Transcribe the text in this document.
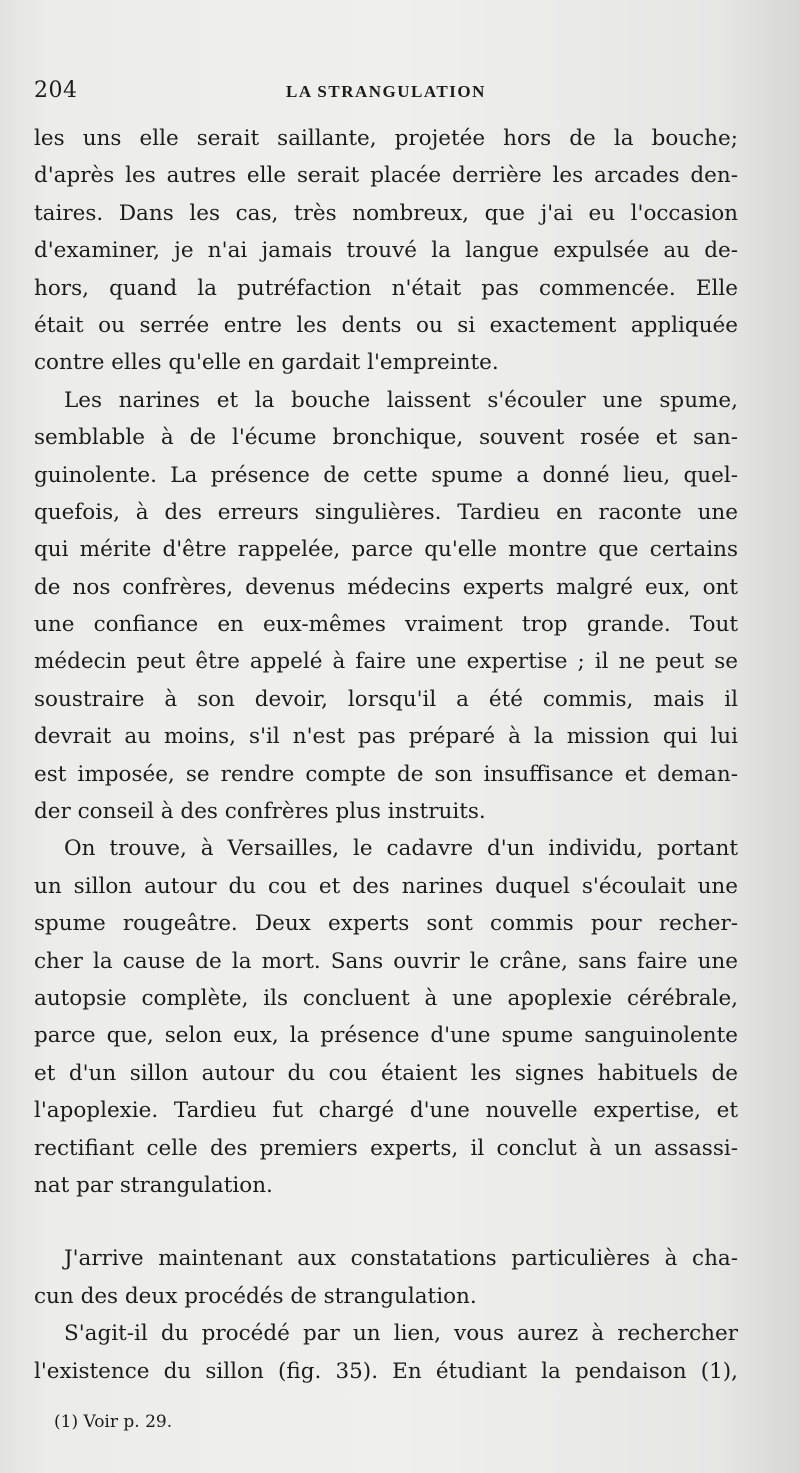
204	LA STRANGULATION
les uns elle serait saillante, projetée hors de la bouche;
d'après les autres elle serait placée derrière les arcades den-
taires. Dans les cas, très nombreux, que j'ai eu l'occasion
d'examiner, je n'ai jamais trouvé la langue expulsée au de-
hors, quand la putréfaction n'était pas commencée. Elle
était ou serrée entre les dents ou si exactement appliquée
contre elles qu'elle en gardait l'empreinte.
Les narines et la bouche laissent s'écouler une spume,
semblable à de l'écume bronchique, souvent rosée et san-
guinolente. La présence de cette spume a donné lieu, quel-
quefois, à des erreurs singulières. Tardieu en raconte une
qui mérite d'être rappelée, parce qu'elle montre que certains
de nos confrères, devenus médecins experts malgré eux, ont
une confiance en eux-mêmes vraiment trop grande. Tout
médecin peut être appelé à faire une expertise ; il ne peut se
soustraire à son devoir, lorsqu'il a été commis, mais il
devrait au moins, s'il n'est pas préparé à la mission qui lui
est imposée, se rendre compte de son insuffisance et deman-
der conseil à des confrères plus instruits.
On trouve, à Versailles, le cadavre d'un individu, portant
un sillon autour du cou et des narines duquel s'écoulait une
spume rougeâtre. Deux experts sont commis pour recher-
cher la cause de la mort. Sans ouvrir le crâne, sans faire une
autopsie complète, ils concluent à une apoplexie cérébrale,
parce que, selon eux, la présence d'une spume sanguinolente
et d'un sillon autour du cou étaient les signes habituels de
l'apoplexie. Tardieu fut chargé d'une nouvelle expertise, et
rectifiant celle des premiers experts, il conclut à un assassi-
nat par strangulation.
J'arrive maintenant aux constatations particulières à cha-
cun des deux procédés de strangulation.
S'agit-il du procédé par un lien, vous aurez à rechercher
l'existence du sillon (fig. 35). En étudiant la pendaison (1),
(1) Voir p. 29.
